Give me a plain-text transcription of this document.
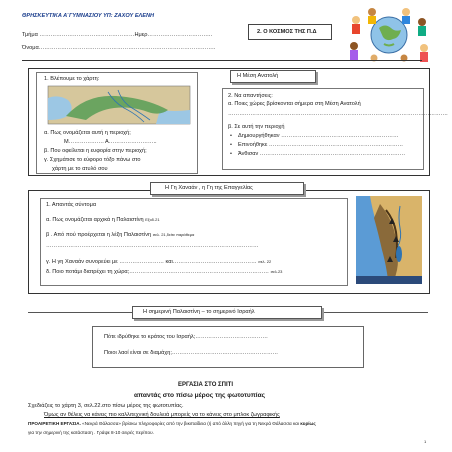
ΘΡΗΣΚΕΥΤΙΚΑ Α΄ΓΥΜΝΑΣΙΟΥ ΥΠ: ΖΑΧΟΥ ΕΛΕΝΗ
Τμήμα ……………………………………………Ημερ……………………………..
Όνομα…………………………………………………………………………………..
2. Ο ΚΟΣΜΟΣ ΤΗΣ Π.Δ
1. Βλέπουμε το χάρτη:
α. Πως ονομάζεται αυτή η περιοχή;
Μ………………. Α……………………..
β. Που οφείλεται η ευφορία στην περιοχή;
γ. Σχημάτισε το εύφορο τόξο πάνω στο
χάρτη με το ατυλό σου
Η Μέση Ανατολή
2. Να απαντήσεις:
α. Ποιες χώρες βρίσκονται σήμερα στη Μέση Ανατολή
……………………………………………………………………………………………………….
β. Σε αυτή την περιοχή
• Δημιουργήθηκαν ………………………………………………………
• Επινοήθηκε ………………………………………………………………
• Άνθισαν ……………………………………………………………………
Η Γη Χαναάν , η Γη της Επαγγελίας
1. Απαντάς σύντομα
α. Πως ονομάζεται αρχικά η Παλαιστίνη Εξοδ.21
β . Από πού προέρχεται η λέξη Παλαιστίνη σελ. 21,δείτε παράθεμα
……………………………………………………………………………………………………
γ. Η γη Χαναάν συνορεύει με …………………… και……………………………………… σελ. 22
δ. Ποιο ποτάμι διατρέχει τη χώρα;………………………………………………………………… σελ.23
Η σημερινή Παλαιστίνη – το σημερινό Ισραήλ
Πότε ιδρύθηκε το κράτος του Ισραήλ;…………………………………
Ποιοι λαοί είναι σε διαμάχη;…………………………………………………
ΕΡΓΑΣΙΑ ΣΤΟ ΣΠΙΤΙ
απαντάς στο πίσω μέρος της φωτοτυπίας
Σχεδιάζεις το χάρτη 3, σελ.22.στο πίσω μέρος της φωτοτυπίας.
Όμως αν θέλεις να κάνεις πιο καλλιτεχνική δουλειά μπορείς να το κάνεις στο μπλοκ ζωγραφικής
ΠΡΟΑΙΡΕΤΙΚΗ ΕΡΓΑΣΙΑ. «Νεκρά Θάλασσα» βρίσκω πληροφορίες από την βικιπαίδεια (ή από άλλη πηγή για τη Νεκρά Θάλασσα και κυρίως
για την σημερινή της κατάσταση . Γράψε 8-10 σειρές περίπου.
1
